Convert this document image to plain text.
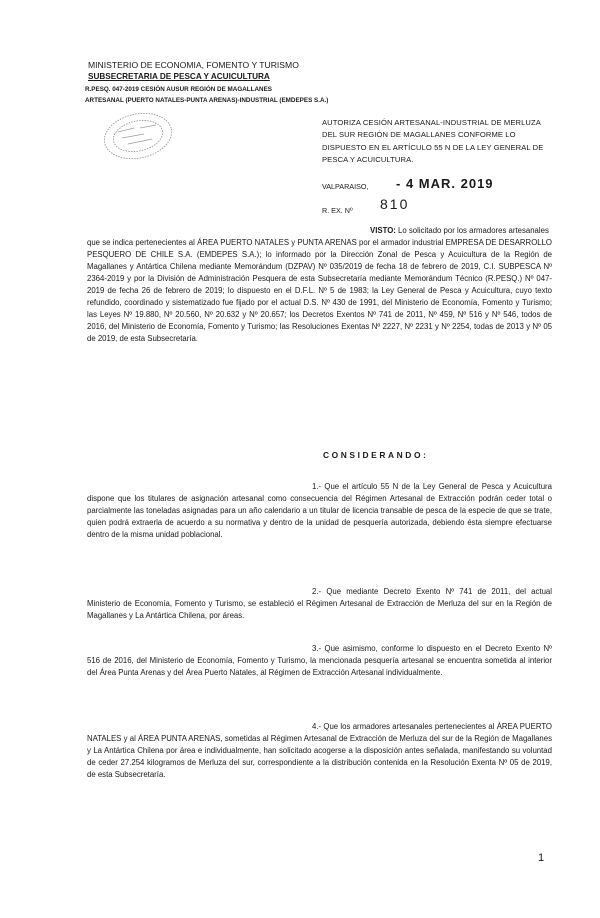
MINISTERIO DE ECONOMIA, FOMENTO Y TURISMO
SUBSECRETARIA DE PESCA Y ACUICULTURA
R.PESQ. 047-2019 CESIÓN AUSUR REGIÓN DE MAGALLANES
ARTESANAL (PUERTO NATALES-PUNTA ARENAS)-INDUSTRIAL (EMDEPES S.A.)
AUTORIZA CESIÓN ARTESANAL-INDUSTRIAL DE MERLUZA DEL SUR REGIÓN DE MAGALLANES CONFORME LO DISPUESTO EN EL ARTÍCULO 55 N DE LA LEY GENERAL DE PESCA Y ACUICULTURA.
VALPARAISO, - 4 MAR. 2019
R. EX. Nº 810
VISTO: Lo solicitado por los armadores artesanales
que se indica pertenecientes al ÁREA PUERTO NATALES y PUNTA ARENAS por el armador industrial EMPRESA DE DESARROLLO PESQUERO DE CHILE S.A. (EMDEPES S.A.); lo informado por la Dirección Zonal de Pesca y Acuicultura de la Región de Magallanes y Antártica Chilena mediante Memorándum (DZPAV) Nº 035/2019 de fecha 18 de febrero de 2019, C.I. SUBPESCA Nº 2364-2019 y por la División de Administración Pesquera de esta Subsecretaría mediante Memorándum Técnico (R.PESQ.) Nº 047-2019 de fecha 26 de febrero de 2019; lo dispuesto en el D.F.L. Nº 5 de 1983; la Ley General de Pesca y Acuicultura, cuyo texto refundido, coordinado y sistematizado fue fijado por el actual D.S. Nº 430 de 1991, del Ministerio de Economía, Fomento y Turismo; las Leyes Nº 19.880, Nº 20.560, Nº 20.632 y Nº 20.657; los Decretos Exentos Nº 741 de 2011, Nº 459, Nº 516 y Nº 546, todos de 2016, del Ministerio de Economía, Fomento y Turismo; las Resoluciones Exentas Nº 2227, Nº 2231 y Nº 2254, todas de 2013 y Nº 05 de 2019, de esta Subsecretaría.
CONSIDERANDO:
1.- Que el artículo 55 N de la Ley General de Pesca y Acuicultura dispone que los titulares de asignación artesanal como consecuencia del Régimen Artesanal de Extracción podrán ceder total o parcialmente las toneladas asignadas para un año calendario a un titular de licencia transable de pesca de la especie de que se trate, quien podrá extraerla de acuerdo a su normativa y dentro de la unidad de pesquería autorizada, debiendo ésta siempre efectuarse dentro de la misma unidad poblacional.
2.- Que mediante Decreto Exento Nº 741 de 2011, del actual Ministerio de Economía, Fomento y Turismo, se estableció el Régimen Artesanal de Extracción de Merluza del sur en la Región de Magallanes y La Antártica Chilena, por áreas.
3.- Que asimismo, conforme lo dispuesto en el Decreto Exento Nº 516 de 2016, del Ministerio de Economía, Fomento y Turismo, la mencionada pesquería artesanal se encuentra sometida al interior del Área Punta Arenas y del Área Puerto Natales, al Régimen de Extracción Artesanal individualmente.
4.- Que los armadores artesanales pertenecientes al ÁREA PUERTO NATALES y al ÁREA PUNTA ARENAS, sometidas al Régimen Artesanal de Extracción de Merluza del sur de la Región de Magallanes y La Antártica Chilena por área e individualmente, han solicitado acogerse a la disposición antes señalada, manifestando su voluntad de ceder 27.254 kilogramos de Merluza del sur, correspondiente a la distribución contenida en la Resolución Exenta Nº 05 de 2019, de esta Subsecretaría.
1
